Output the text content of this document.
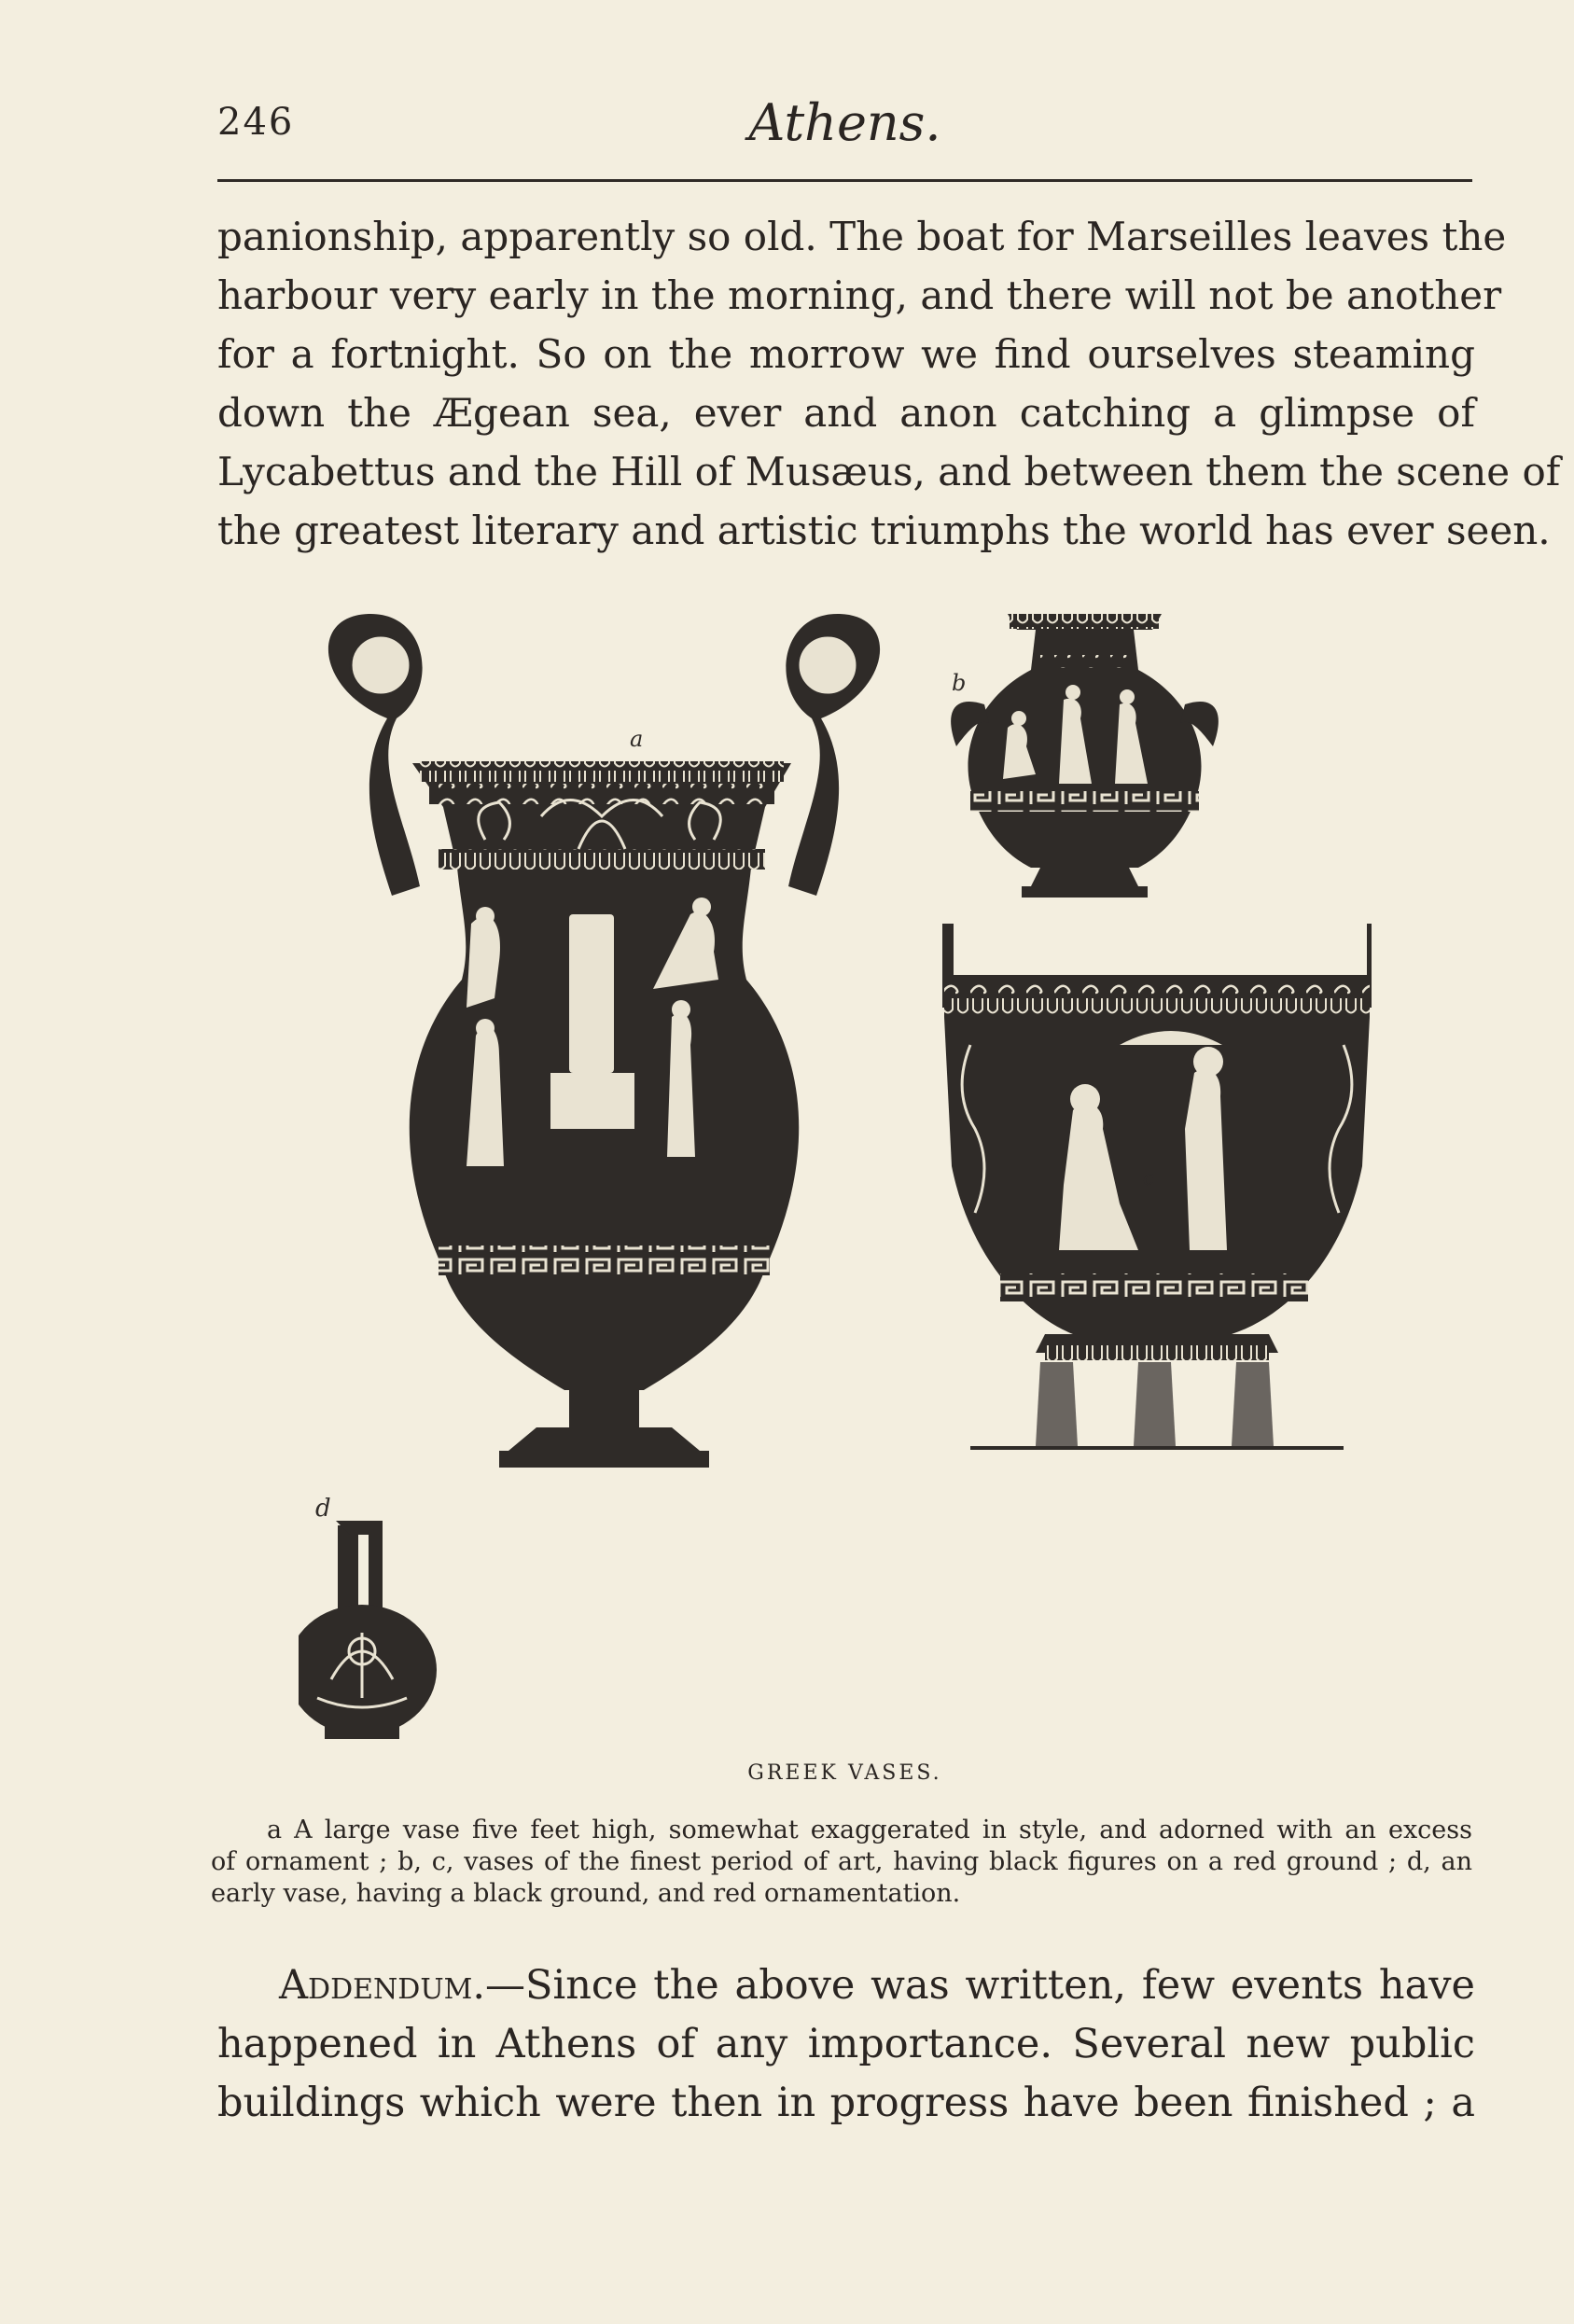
246	Athens.
panionship, apparently so old. The boat for Marseilles leaves the
harbour very early in the morning, and there will not be another
for a fortnight. So on the morrow we find ourselves steaming
down the Ægean sea, ever and anon catching a glimpse of
Lycabettus and the Hill of Musæus, and between them the scene of
the greatest literary and artistic triumphs the world has ever seen.
b
a
c
d
GREEK VASES.
a A large vase five feet high, somewhat exaggerated in style, and adorned with an excess
of ornament ; b, c, vases of the finest period of art, having black figures on a red ground ; d, an
early vase, having a black ground, and red ornamentation.
Addendum.—Since the above was written, few events have
happened in Athens of any importance. Several new public
buildings which were then in progress have been finished ; a
